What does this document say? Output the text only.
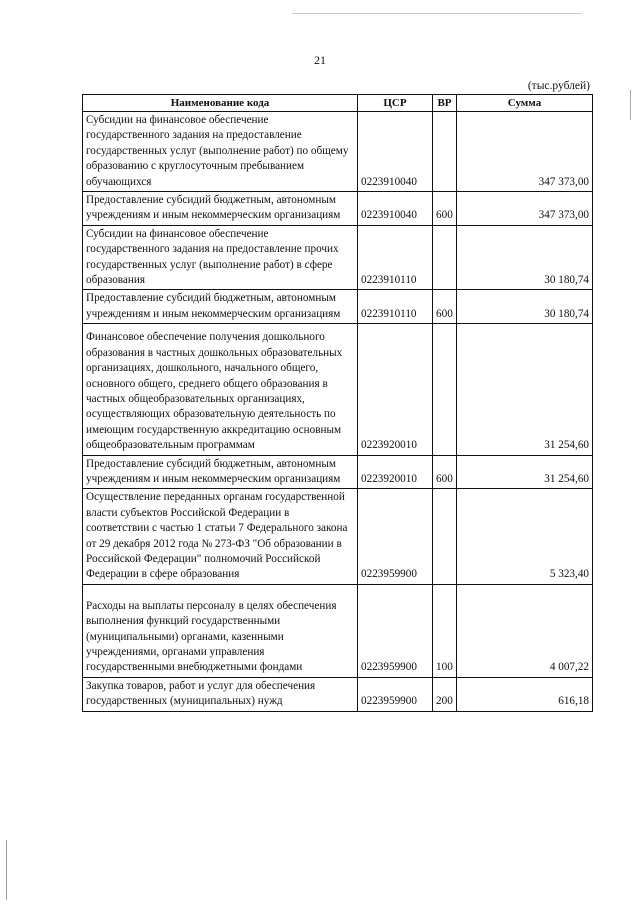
21
(тыс.рублей)
Наименование кода	ЦСР	ВР	Сумма
Субсидии на финансовое обеспечение государственного задания на предоставление государственных услуг (выполнение работ) по общему образованию с круглосуточным пребыванием обучающихся	0223910040		347 373,00
Предоставление субсидий бюджетным, автономным учреждениям и иным некоммерческим организациям	0223910040	600	347 373,00
Субсидии на финансовое обеспечение государственного задания на предоставление прочих государственных услуг (выполнение работ) в сфере образования	0223910110		30 180,74
Предоставление субсидий бюджетным, автономным учреждениям и иным некоммерческим организациям	0223910110	600	30 180,74
Финансовое обеспечение получения дошкольного образования в частных дошкольных образовательных организациях, дошкольного, начального общего, основного общего, среднего общего образования в частных общеобразовательных организациях, осуществляющих образовательную деятельность по имеющим государственную аккредитацию основным общеобразовательным программам	0223920010		31 254,60
Предоставление субсидий бюджетным, автономным учреждениям и иным некоммерческим организациям	0223920010	600	31 254,60
Осуществление переданных органам государственной власти субъектов Российской Федерации в соответствии с частью 1 статьи 7 Федерального закона от 29 декабря 2012 года № 273-ФЗ "Об образовании в Российской Федерации" полномочий Российской Федерации в сфере образования	0223959900		5 323,40
Расходы на выплаты персоналу в целях обеспечения выполнения функций государственными (муниципальными) органами, казенными учреждениями, органами управления государственными внебюджетными фондами	0223959900	100	4 007,22
Закупка товаров, работ и услуг для обеспечения государственных (муниципальных) нужд	0223959900	200	616,18
